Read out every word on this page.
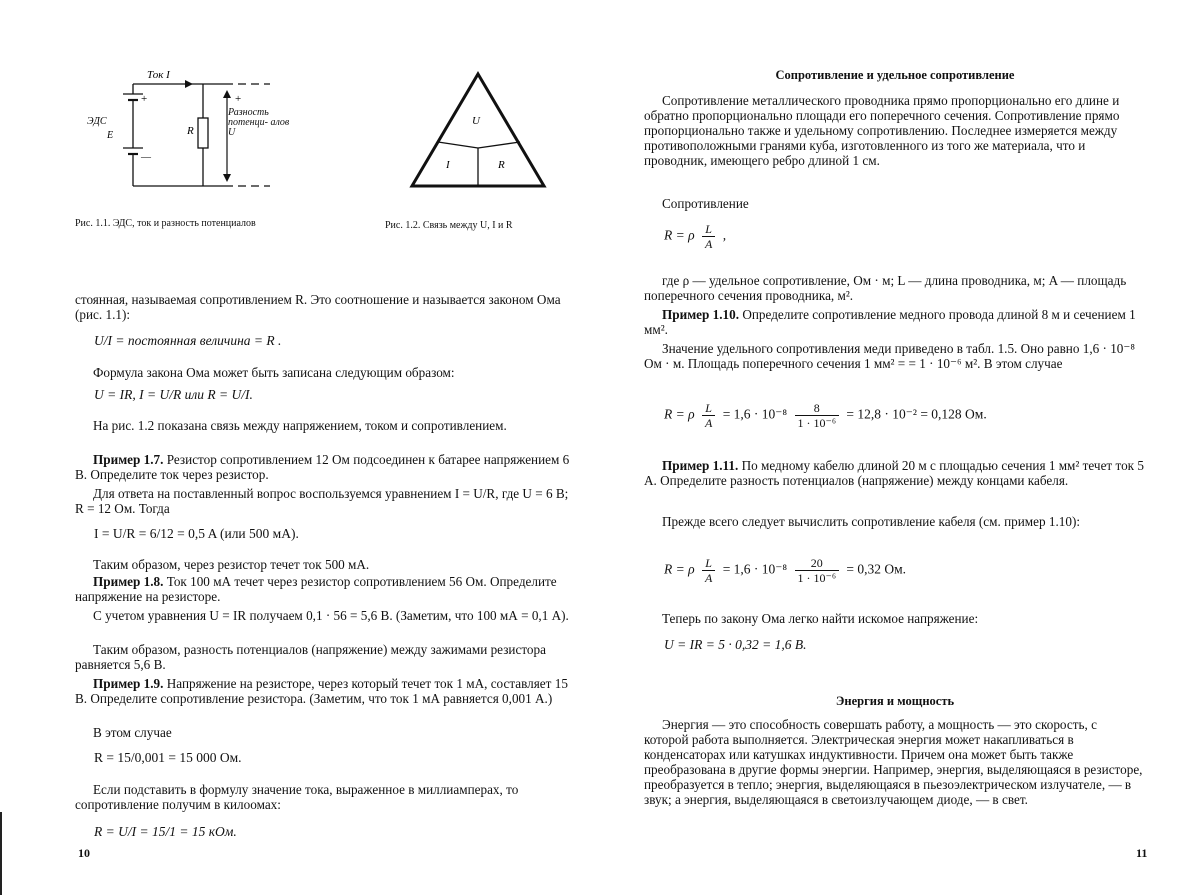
Ток I
ЭДС
E	R
+
—
+
Разность потенци- алов U
Рис. 1.1. ЭДС, ток и разность потенциалов
U
I	R
Рис. 1.2. Связь между U, I и R

стоянная, называемая сопротивлением R. Это соотношение и называется законом Ома (рис. 1.1):

U/I = постоянная величина = R .

Формула закона Ома может быть записана следующим образом:

U = IR, I = U/R или R = U/I.

На рис. 1.2 показана связь между напряжением, током и сопротивлением.

Пример 1.7. Резистор сопротивлением 12 Ом подсоединен к батарее напряжением 6 В. Определите ток через резистор.

Для ответа на поставленный вопрос воспользуемся уравнением I = U/R, где U = 6 В; R = 12 Ом. Тогда

I = U/R = 6/12 = 0,5 A (или 500 мА).

Таким образом, через резистор течет ток 500 мА.

Пример 1.8. Ток 100 мА течет через резистор сопротивлением 56 Ом. Определите напряжение на резисторе.

С учетом уравнения U = IR получаем 0,1 · 56 = 5,6 В. (Заметим, что 100 мА = 0,1 А).

Таким образом, разность потенциалов (напряжение) между зажимами резистора равняется 5,6 В.

Пример 1.9. Напряжение на резисторе, через который течет ток 1 мА, составляет 15 В. Определите сопротивление резистора. (Заметим, что ток 1 мА равняется 0,001 А.)

В этом случае

R = 15/0,001 = 15 000 Ом.

Если подставить в формулу значение тока, выраженное в миллиамперах, то сопротивление получим в килоомах:

R = U/I = 15/1 = 15 кОм.
10
Сопротивление и удельное сопротивление

Сопротивление металлического проводника прямо пропорционально его длине и обратно пропорционально площади его поперечного сечения. Сопротивление прямо пропорционально также и удельному сопротивлению. Последнее измеряется между противоположными гранями куба, изготовленного из того же материала, что и проводник, имеющего ребро длиной 1 см.

Сопротивление

R = ρ $\frac{L}{A}$ ,

где ρ — удельное сопротивление, Ом · м; L — длина проводника, м; A — площадь поперечного сечения проводника, м².

Пример 1.10. Определите сопротивление медного провода длиной 8 м и сечением 1 мм².

Значение удельного сопротивления меди приведено в табл. 1.5. Оно равно 1,6 · 10⁻⁸ Ом · м. Площадь поперечного сечения 1 мм² = = 1 · 10⁻⁶ м². В этом случае

R = ρ $\frac{L}{A} = 1,6 \cdot 10^{-8} \frac{8}{\text{1 · 10⁻⁶}} = 12,8 \cdot 10^{-2} = 0,128$ Ом.

Пример 1.11. По медному кабелю длиной 20 м с площадью сечения 1 мм² течет ток 5 А. Определите разность потенциалов (напряжение) между концами кабеля.

Прежде всего следует вычислить сопротивление кабеля (см. пример 1.10):

R = ρ $\frac{L}{A} = 1,6 \cdot 10^{-8} \frac{20}{\text{1 · 10⁻⁶}} = 0,32$ Ом.

Теперь по закону Ома легко найти искомое напряжение:

U = IR = 5 · 0,32 = 1,6 В.
Энергия и мощность

Энергия — это способность совершать работу, а мощность — это скорость, с которой работа выполняется. Электрическая энергия может накапливаться в конденсаторах или катушках индуктивности. Причем она может быть также преобразована в другие формы энергии. Например, энергия, выделяющаяся в резисторе, преобразуется в тепло; энергия, выделяющаяся в пьезоэлектрическом излучателе, — в звук; а энергия, выделяющаяся в светоизлучающем диоде, — в свет.

11
